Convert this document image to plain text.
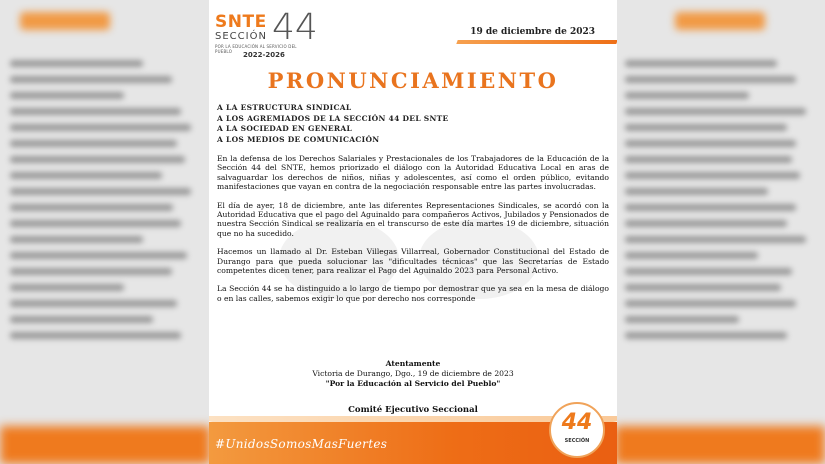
SNTE
SECCIÓN 44
POR LA EDUCACIÓN AL SERVICIO DEL PUEBLO	2022-2026
19 de diciembre de 2023
PRONUNCIAMIENTO
A LA ESTRUCTURA SINDICAL
A LOS AGREMIADOS DE LA SECCIÓN 44 DEL SNTE
A LA SOCIEDAD EN GENERAL
A LOS MEDIOS DE COMUNICACIÓN

En la defensa de los Derechos Salariales y Prestacionales de los Trabajadores de la Educación de la Sección 44 del SNTE, hemos priorizado el diálogo con la Autoridad Educativa Local en aras de salvaguardar los derechos de niños, niñas y adolescentes, así como el orden público, evitando manifestaciones que vayan en contra de la negociación responsable entre las partes involucradas.

El día de ayer, 18 de diciembre, ante las diferentes Representaciones Sindicales, se acordó con la Autoridad Educativa que el pago del Aguinaldo para compañeros Activos, Jubilados y Pensionados de nuestra Sección Sindical se realizaría en el transcurso de este día martes 19 de diciembre, situación que no ha sucedido.

Hacemos un llamado al Dr. Esteban Villegas Villarreal, Gobernador Constitucional del Estado de Durango para que pueda solucionar las "dificultades técnicas" que las Secretarías de Estado competentes dicen tener, para realizar el Pago del Aguinaldo 2023 para Personal Activo.

La Sección 44 se ha distinguido a lo largo de tiempo por demostrar que ya sea en la mesa de diálogo o en las calles, sabemos exigir lo que por derecho nos corresponde

Atentamente
Victoria de Durango, Dgo., 19 de diciembre de 2023
"Por la Educación al Servicio del Pueblo"
Comité Ejecutivo Seccional
#UnidosSomosMasFuertes
44
SECCIÓN
